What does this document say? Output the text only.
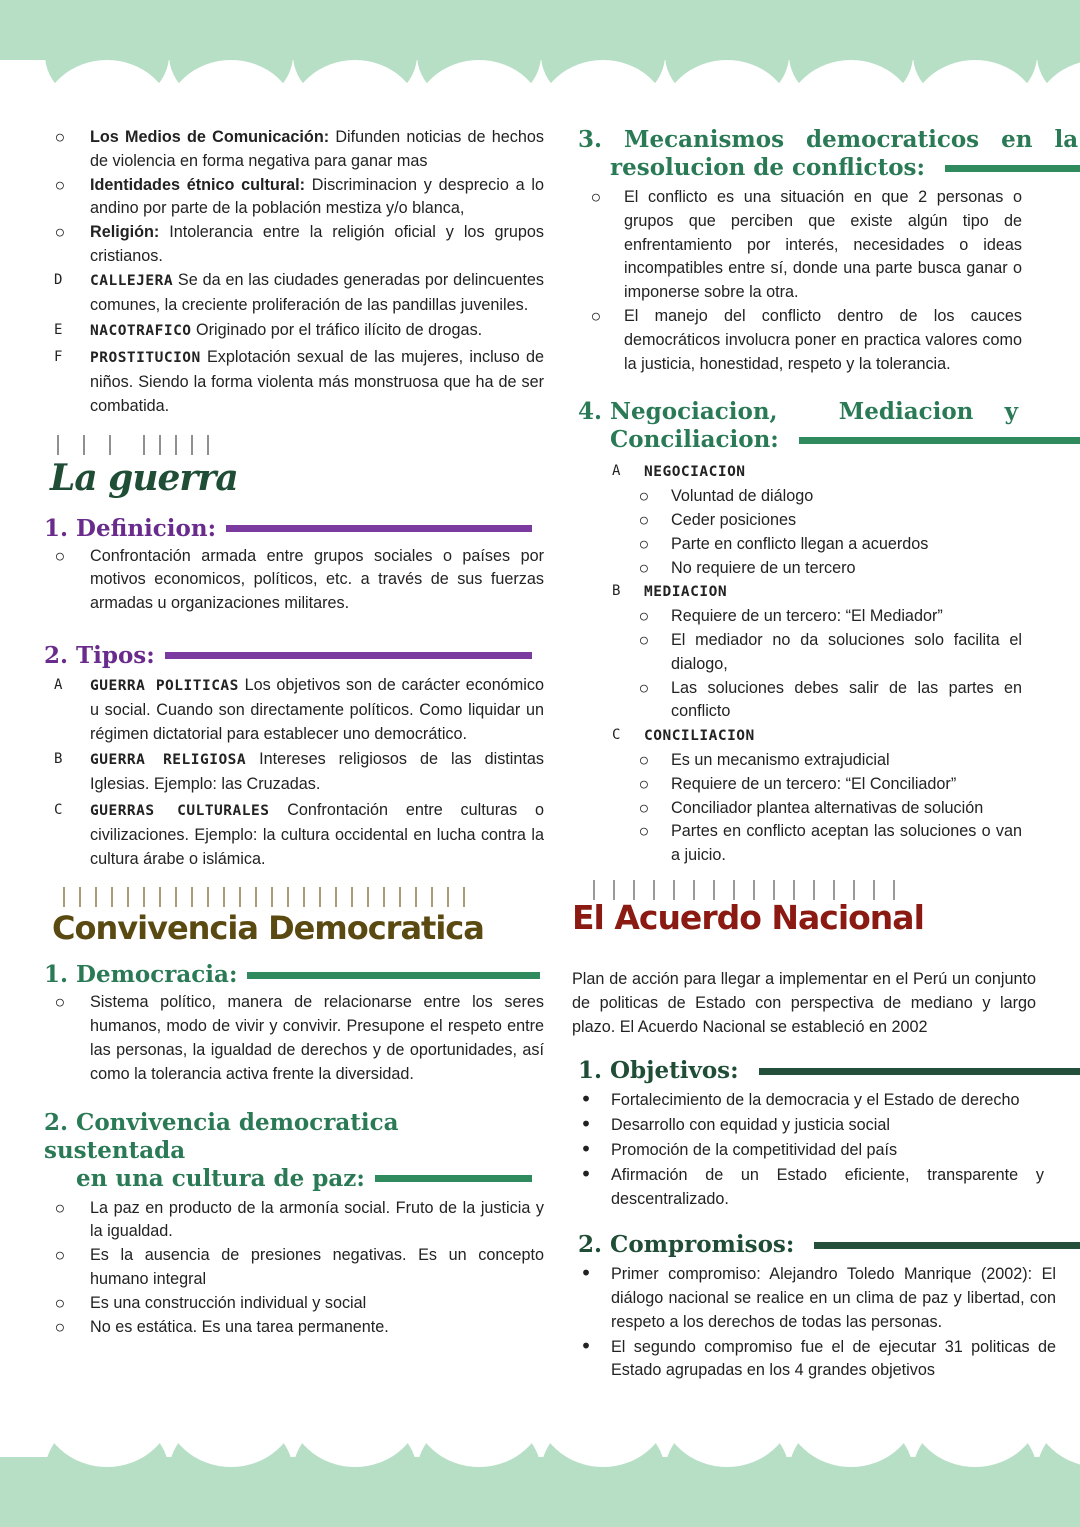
○ Los Medios de Comunicación: Difunden noticias de hechos de violencia en forma negativa para ganar mas
○ Identidades étnico cultural: Discriminacion y desprecio a lo andino por parte de la población mestiza y/o blanca,
○ Religión: Intolerancia entre la religión oficial y los grupos cristianos.
D CALLEJERA Se da en las ciudades generadas por delincuentes comunes, la creciente proliferación de las pandillas juveniles.
E NACOTRAFICO Originado por el tráfico ilícito de drogas.
F PROSTITUCION Explotación sexual de las mujeres, incluso de niños. Siendo la forma violenta más monstruosa que ha de ser combatida.
La guerra
1. Definicion:
○ Confrontación armada entre grupos sociales o países por motivos economicos, políticos, etc. a través de sus fuerzas armadas u organizaciones militares.
2. Tipos:
A GUERRA POLITICAS Los objetivos son de carácter económico u social. Cuando son directamente políticos. Como liquidar un régimen dictatorial para establecer uno democrático.
B GUERRA RELIGIOSA Intereses religiosos de las distintas Iglesias. Ejemplo: las Cruzadas.
C GUERRAS CULTURALES Confrontación entre culturas o civilizaciones. Ejemplo: la cultura occidental en lucha contra la cultura árabe o islámica.
Convivencia Democratica
1. Democracia:
○ Sistema político, manera de relacionarse entre los seres humanos, modo de vivir y convivir. Presupone el respeto entre las personas, la igualdad de derechos y de oportunidades, así como la tolerancia activa frente la diversidad.
2. Convivencia democratica sustentada
en una cultura de paz:
○ La paz en producto de la armonía social. Fruto de la justicia y la igualdad.
○ Es la ausencia de presiones negativas. Es un concepto humano integral
○ Es una construcción individual y social
○ No es estática. Es una tarea permanente.
3. Mecanismos democraticos en la
resolucion de conflictos:
○ El conflicto es una situación en que 2 personas o grupos que perciben que existe algún tipo de enfrentamiento por interés, necesidades o ideas incompatibles entre sí, donde una parte busca ganar o imponerse sobre la otra.
○ El manejo del conflicto dentro de los cauces democráticos involucra poner en practica valores como la justicia, honestidad, respeto y la tolerancia.
4. Negociacion,	Mediacion y
Conciliacion:
A NEGOCIACION
○ Voluntad de diálogo
○ Ceder posiciones
○ Parte en conflicto llegan a acuerdos
○ No requiere de un tercero
B MEDIACION
○ Requiere de un tercero: “El Mediador”
○ El mediador no da soluciones solo facilita el dialogo,
○ Las soluciones debes salir de las partes en conflicto
C CONCILIACION
○ Es un mecanismo extrajudicial
○ Requiere de un tercero: “El Conciliador”
○ Conciliador plantea alternativas de solución
○ Partes en conflicto aceptan las soluciones o van a juicio.
El Acuerdo Nacional

Plan de acción para llegar a implementar en el Perú un conjunto de politicas de Estado con perspectiva de mediano y largo plazo. El Acuerdo Nacional se estableció en 2002

1. Objetivos:
• Fortalecimiento de la democracia y el Estado de derecho
• Desarrollo con equidad y justicia social
• Promoción de la competitividad del país
• Afirmación de un Estado eficiente, transparente y descentralizado.
2. Compromisos:
• Primer compromiso: Alejandro Toledo Manrique (2002): El diálogo nacional se realice en un clima de paz y libertad, con respeto a los derechos de todas las personas.
• El segundo compromiso fue el de ejecutar 31 politicas de Estado agrupadas en los 4 grandes objetivos
